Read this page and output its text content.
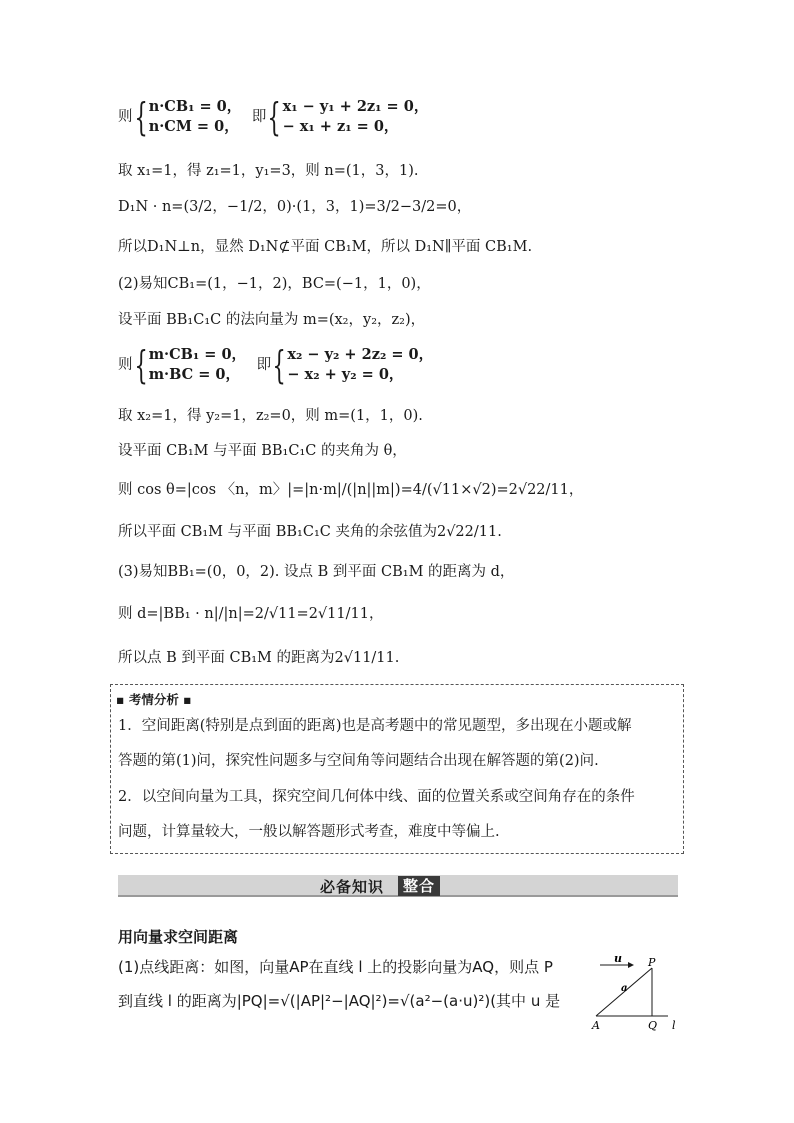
则{n·CB₁ = 0，
n·CM = 0， 即{x₁ − y₁ + 2z₁ = 0，
− x₁ + z₁ = 0，
取 x₁=1，得 z₁=1，y₁=3，则 n=(1，3，1).
D₁N · n=(3/2，−1/2，0)·(1，3，1)=3/2−3/2=0，
所以D₁N⊥n，显然 D₁N⊄平面 CB₁M，所以 D₁N∥平面 CB₁M.
(2)易知CB₁=(1，−1，2)，BC=(−1，1，0)，
设平面 BB₁C₁C 的法向量为 m=(x₂，y₂，z₂)，
则{m·CB₁ = 0，
m·BC = 0， 即{x₂ − y₂ + 2z₂ = 0，
− x₂ + y₂ = 0，
取 x₂=1，得 y₂=1，z₂=0，则 m=(1，1，0).
设平面 CB₁M 与平面 BB₁C₁C 的夹角为 θ，
则 cos θ=|cos 〈n，m〉|=|n·m|/(|n||m|)=4/(√11×√2)=2√22/11，
所以平面 CB₁M 与平面 BB₁C₁C 夹角的余弦值为2√22/11.
(3)易知BB₁=(0，0，2). 设点 B 到平面 CB₁M 的距离为 d，
则 d=|BB₁ · n|/|n|=2/√11=2√11/11，
所以点 B 到平面 CB₁M 的距离为2√11/11.
▪ 考情分析 ▪
1．空间距离(特别是点到面的距离)也是高考题中的常见题型，多出现在小题或解
答题的第(1)问，探究性问题多与空间角等问题结合出现在解答题的第(2)问.
2．以空间向量为工具，探究空间几何体中线、面的位置关系或空间角存在的条件
问题，计算量较大，一般以解答题形式考查，难度中等偏上.
必备知识	整合
用向量求空间距离
(1)点线距离：如图，向量AP在直线 l 上的投影向量为AQ，则点 P
到直线 l 的距离为|PQ|=√(|AP|²−|AQ|²)=√(a²−(a·u)²)(其中 u 是
u P
a
A	Q l
